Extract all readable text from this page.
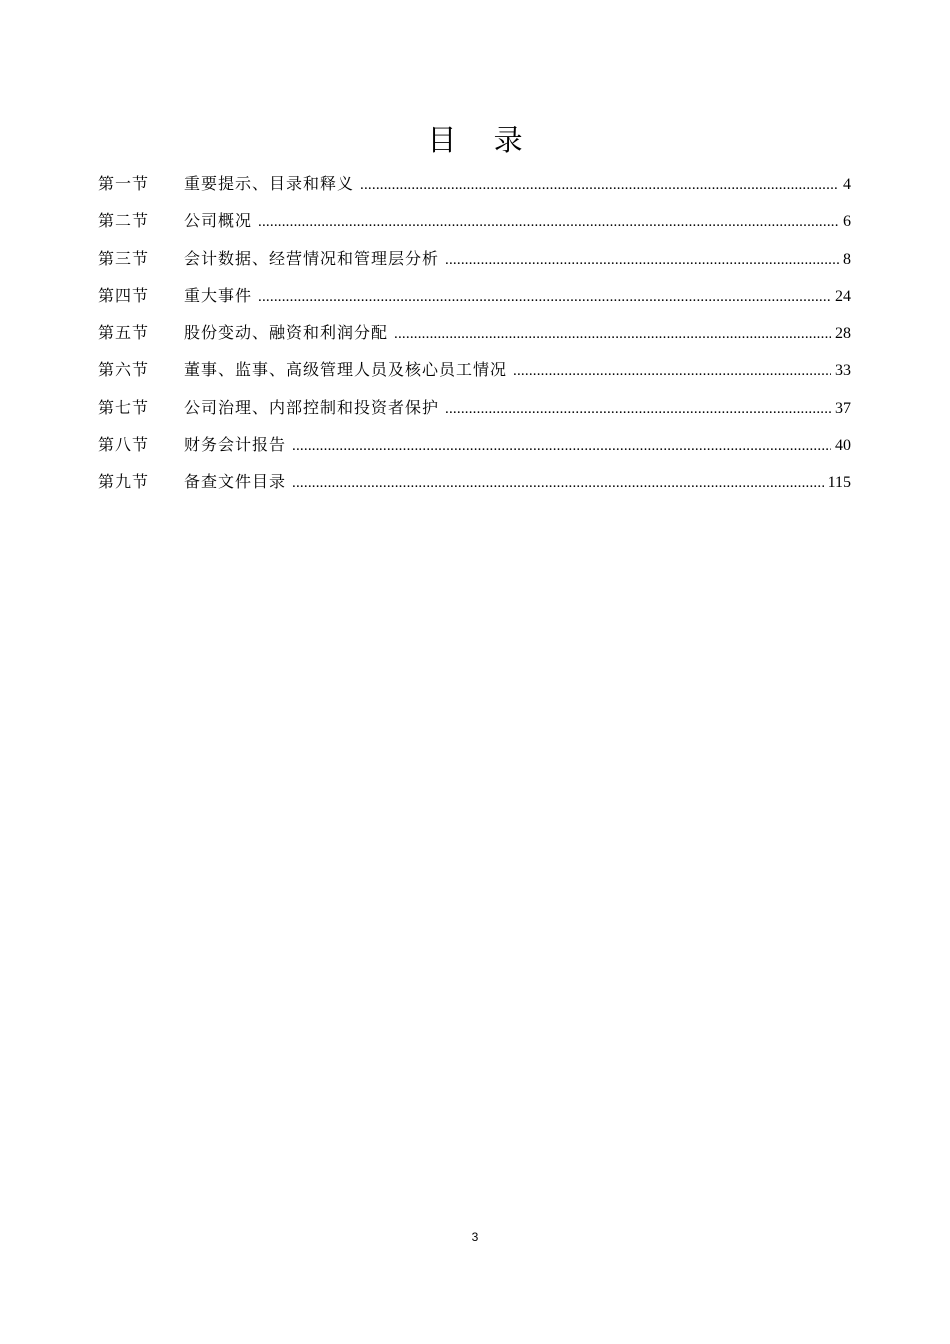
目 录
第一节	重要提示、目录和释义 .....	4
第二节	公司概况 .....	6
第三节	会计数据、经营情况和管理层分析 .....	8
第四节	重大事件 .....	24
第五节	股份变动、融资和利润分配 .....	28
第六节	董事、监事、高级管理人员及核心员工情况 .....	33
第七节	公司治理、内部控制和投资者保护 .....	37
第八节	财务会计报告 .....	40
第九节	备查文件目录 .....	115
3
